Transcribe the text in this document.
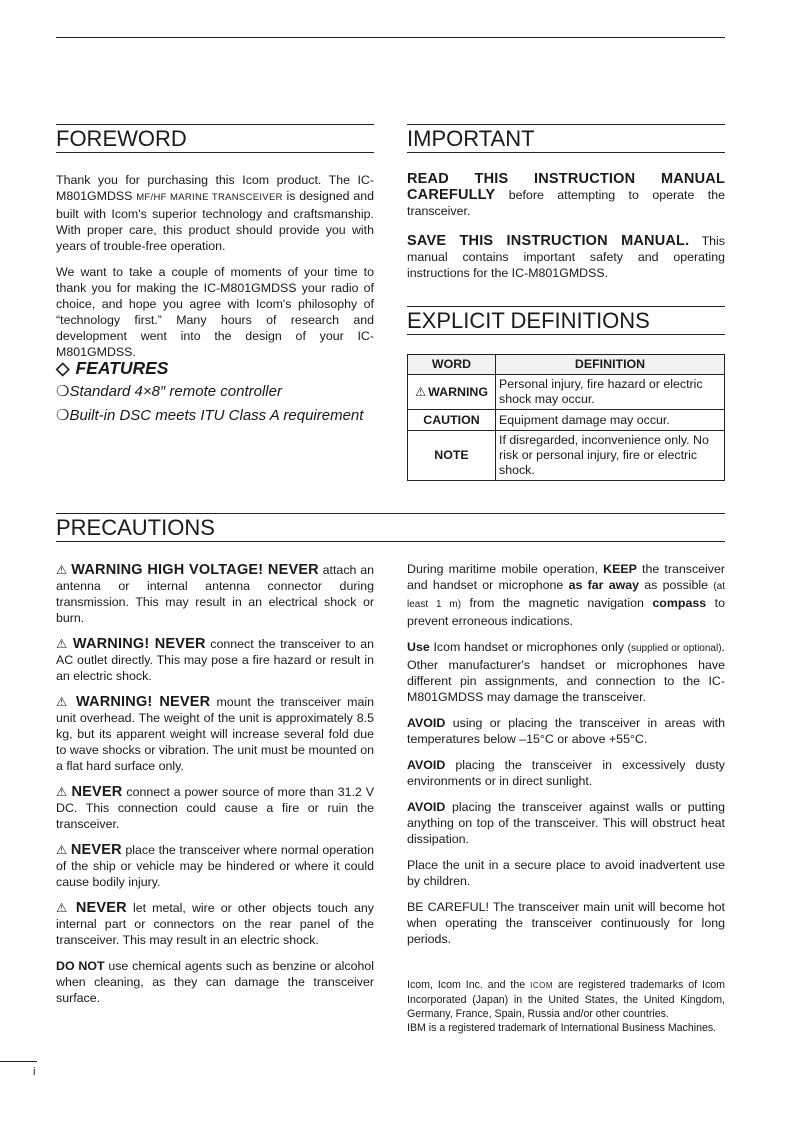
FOREWORD

Thank you for purchasing this Icom product. The IC-M801GMDSS MF/HF MARINE TRANSCEIVER is designed and built with Icom's superior technology and craftsmanship. With proper care, this product should provide you with years of trouble-free operation.

We want to take a couple of moments of your time to thank you for making the IC-M801GMDSS your radio of choice, and hope you agree with Icom's philosophy of “technology first.” Many hours of research and development went into the design of your IC-M801GMDSS.

◇ FEATURES
❍Standard 4×8″ remote controller
❍Built-in DSC meets ITU Class A requirement
IMPORTANT

READ THIS INSTRUCTION MANUAL CAREFULLY before attempting to operate the transceiver.

SAVE THIS INSTRUCTION MANUAL. This manual contains important safety and operating instructions for the IC-M801GMDSS.

EXPLICIT DEFINITIONS
WORD	DEFINITION
⚠ WARNING	Personal injury, fire hazard or electric shock may occur.
CAUTION	Equipment damage may occur.
NOTE	If disregarded, inconvenience only. No risk or personal injury, fire or electric shock.
PRECAUTIONS

⚠ WARNING HIGH VOLTAGE! NEVER attach an antenna or internal antenna connector during transmission. This may result in an electrical shock or burn.

⚠ WARNING! NEVER connect the transceiver to an AC outlet directly. This may pose a fire hazard or result in an electric shock.

⚠ WARNING! NEVER mount the transceiver main unit overhead. The weight of the unit is approximately 8.5 kg, but its apparent weight will increase several fold due to wave shocks or vibration. The unit must be mounted on a flat hard surface only.

⚠ NEVER connect a power source of more than 31.2 V DC. This connection could cause a fire or ruin the transceiver.

⚠ NEVER place the transceiver where normal operation of the ship or vehicle may be hindered or where it could cause bodily injury.

⚠ NEVER let metal, wire or other objects touch any internal part or connectors on the rear panel of the transceiver. This may result in an electric shock.

DO NOT use chemical agents such as benzine or alcohol when cleaning, as they can damage the transceiver surface.

During maritime mobile operation, KEEP the transceiver and handset or microphone as far away as possible (at least 1 m) from the magnetic navigation compass to prevent erroneous indications.

Use Icom handset or microphones only (supplied or optional). Other manufacturer's handset or microphones have different pin assignments, and connection to the IC-M801GMDSS may damage the transceiver.

AVOID using or placing the transceiver in areas with temperatures below –15°C or above +55°C.

AVOID placing the transceiver in excessively dusty environments or in direct sunlight.

AVOID placing the transceiver against walls or putting anything on top of the transceiver. This will obstruct heat dissipation.

Place the unit in a secure place to avoid inadvertent use by children.

BE CAREFUL! The transceiver main unit will become hot when operating the transceiver continuously for long periods.

Icom, Icom Inc. and the ICOM are registered trademarks of Icom Incorporated (Japan) in the United States, the United Kingdom, Germany, France, Spain, Russia and/or other countries.

IBM is a registered trademark of International Business Machines.

i
